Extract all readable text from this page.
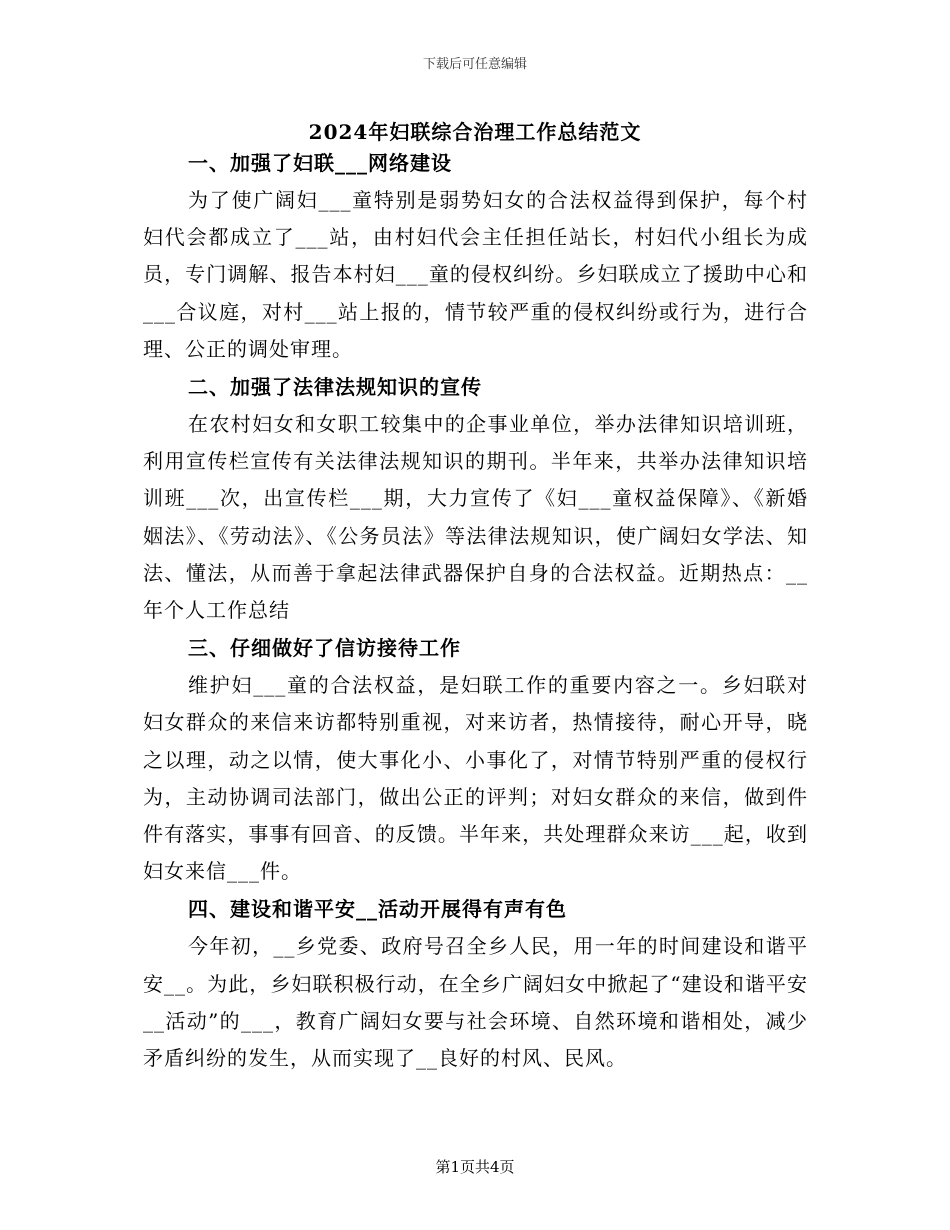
下载后可任意编辑
2024年妇联综合治理工作总结范文
一、加强了妇联___网络建设

为了使广阔妇___童特别是弱势妇女的合法权益得到保护，每个村妇代会都成立了___站，由村妇代会主任担任站长，村妇代小组长为成员，专门调解、报告本村妇___童的侵权纠纷。乡妇联成立了援助中心和___合议庭，对村___站上报的，情节较严重的侵权纠纷或行为，进行合理、公正的调处审理。

二、加强了法律法规知识的宣传

在农村妇女和女职工较集中的企事业单位，举办法律知识培训班，利用宣传栏宣传有关法律法规知识的期刊。半年来，共举办法律知识培训班___次，出宣传栏___期，大力宣传了《妇___童权益保障》、《新婚姻法》、《劳动法》、《公务员法》等法律法规知识，使广阔妇女学法、知法、懂法，从而善于拿起法律武器保护自身的合法权益。近期热点：__年个人工作总结

三、仔细做好了信访接待工作

维护妇___童的合法权益，是妇联工作的重要内容之一。乡妇联对妇女群众的来信来访都特别重视，对来访者，热情接待，耐心开导，晓之以理，动之以情，使大事化小、小事化了，对情节特别严重的侵权行为，主动协调司法部门，做出公正的评判；对妇女群众的来信，做到件件有落实，事事有回音、的反馈。半年来，共处理群众来访___起，收到妇女来信___件。

四、建设和谐平安__活动开展得有声有色

今年初，__乡党委、政府号召全乡人民，用一年的时间建设和谐平安__。为此，乡妇联积极行动，在全乡广阔妇女中掀起了“建设和谐平安__活动”的___，教育广阔妇女要与社会环境、自然环境和谐相处，减少矛盾纠纷的发生，从而实现了__良好的村风、民风。

第1页共4页
